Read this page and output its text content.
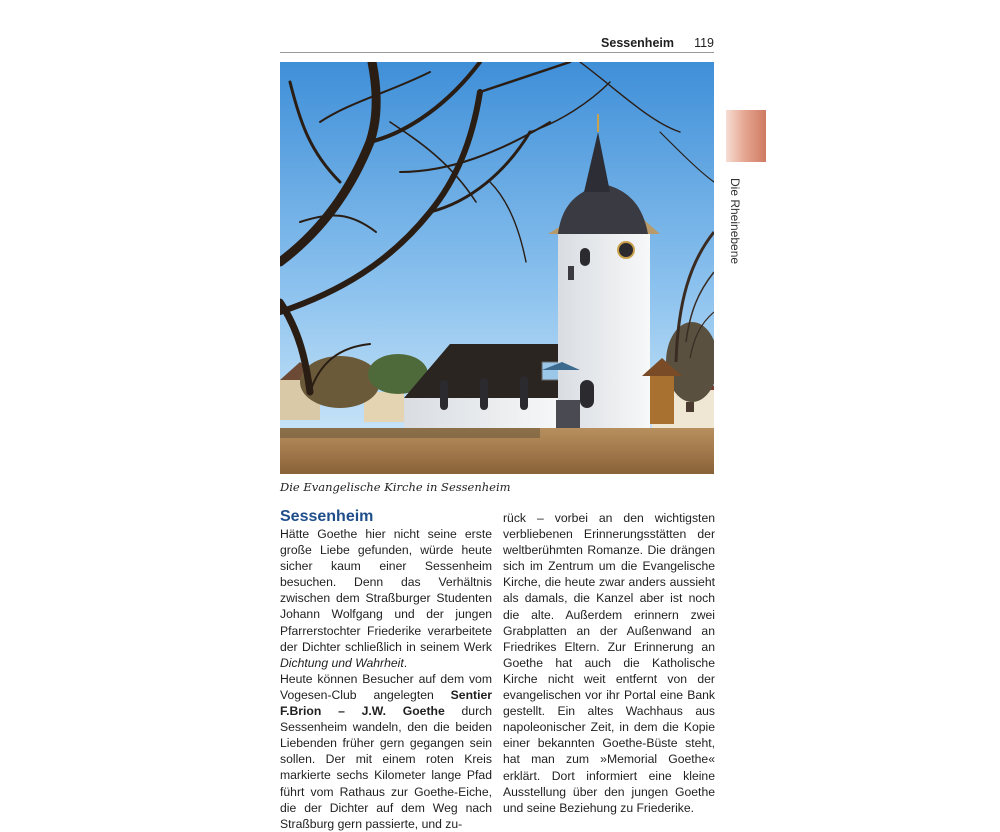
Sessenheim 119
Die Rheinebene
Die Evangelische Kirche in Sessenheim
Sessenheim

Hätte Goethe hier nicht seine erste große Liebe gefunden, würde heute sicher kaum einer Sessenheim besuchen. Denn das Verhältnis zwischen dem Straßburger Studenten Johann Wolfgang und der jungen Pfarrerstochter Friederike verarbeitete der Dichter schließlich in seinem Werk Dichtung und Wahrheit.

Heute können Besucher auf dem vom Vogesen-Club angelegten Sentier F.Brion – J.W. Goethe durch Sessenheim wandeln, den die beiden Liebenden früher gern gegangen sein sollen. Der mit einem roten Kreis markierte sechs Kilometer lange Pfad führt vom Rathaus zur Goethe-Eiche, die der Dichter auf dem Weg nach Straßburg gern passierte, und zu-

rück – vorbei an den wichtigsten verbliebenen Erinnerungsstätten der weltberühmten Romanze. Die drängen sich im Zentrum um die Evangelische Kirche, die heute zwar anders aussieht als damals, die Kanzel aber ist noch die alte. Außerdem erinnern zwei Grabplatten an der Außenwand an Friedrikes Eltern. Zur Erinnerung an Goethe hat auch die Katholische Kirche nicht weit entfernt von der evangelischen vor ihr Portal eine Bank gestellt. Ein altes Wachhaus aus napoleonischer Zeit, in dem die Kopie einer bekannten Goethe-Büste steht, hat man zum »Memorial Goethe« erklärt. Dort informiert eine kleine Ausstellung über den jungen Goethe und seine Beziehung zu Friederike.
